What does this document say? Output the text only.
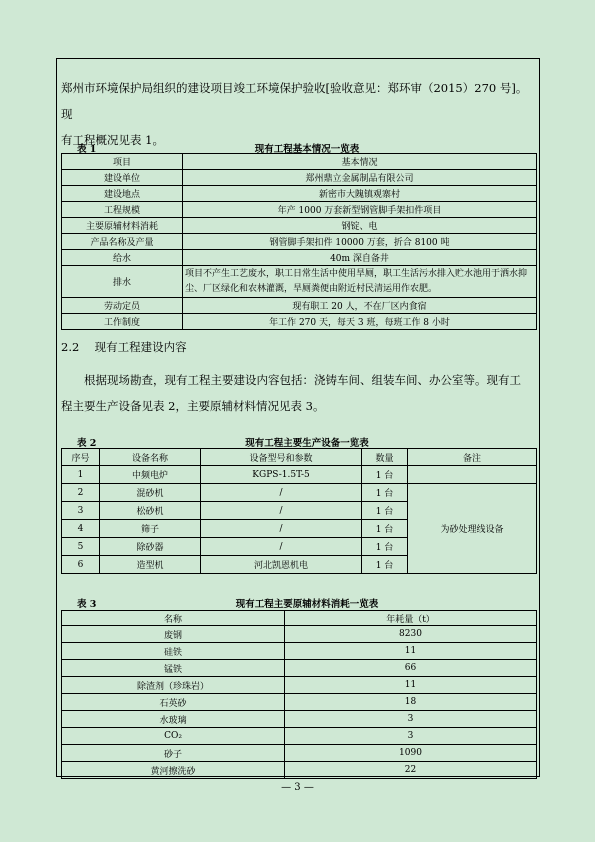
郑州市环境保护局组织的建设项目竣工环境保护验收[验收意见：郑环审（2015）270 号]。现
有工程概况见表 1。

表 1	现有工程基本情况一览表
项目	基本情况
建设单位	郑州鼎立金属制品有限公司
建设地点	新密市大隗镇观寨村
工程规模	年产 1000 万套新型钢管脚手架扣件项目
主要原辅材料消耗	钢锭、电
产品名称及产量	钢管脚手架扣件 10000 万套，折合 8100 吨
给水	40m 深自备井
排水	项目不产生工艺废水，职工日常生活中使用旱厕，职工生活污水排入贮水池用于洒水抑尘、厂区绿化和农林灌溉，旱厕粪便由附近村民清运用作农肥。
劳动定员	现有职工 20 人，不在厂区内食宿
工作制度	年工作 270 天，每天 3 班，每班工作 8 小时
2.2 现有工程建设内容

根据现场勘查，现有工程主要建设内容包括：浇铸车间、组装车间、办公室等。现有工
程主要生产设备见表 2，主要原辅材料情况见表 3。

表 2	现有工程主要生产设备一览表
序号	设备名称	设备型号和参数	数量	备注
1	中频电炉	KGPS-1.5T-5	1 台	
2	混砂机	/	1 台	为砂处理线设备
3	松砂机	/	1 台	
4	筛子	/	1 台	
5	除砂器	/	1 台	
6	造型机	河北凯恩机电	1 台	
表 3	现有工程主要原辅材料消耗一览表
名称	年耗量（t）
废钢	8230
硅铁	11
锰铁	66
除渣剂（珍珠岩）	11
石英砂	18
水玻璃	3
CO₂	3
砂子	1090
黄河擦洗砂	22
— 3 —
